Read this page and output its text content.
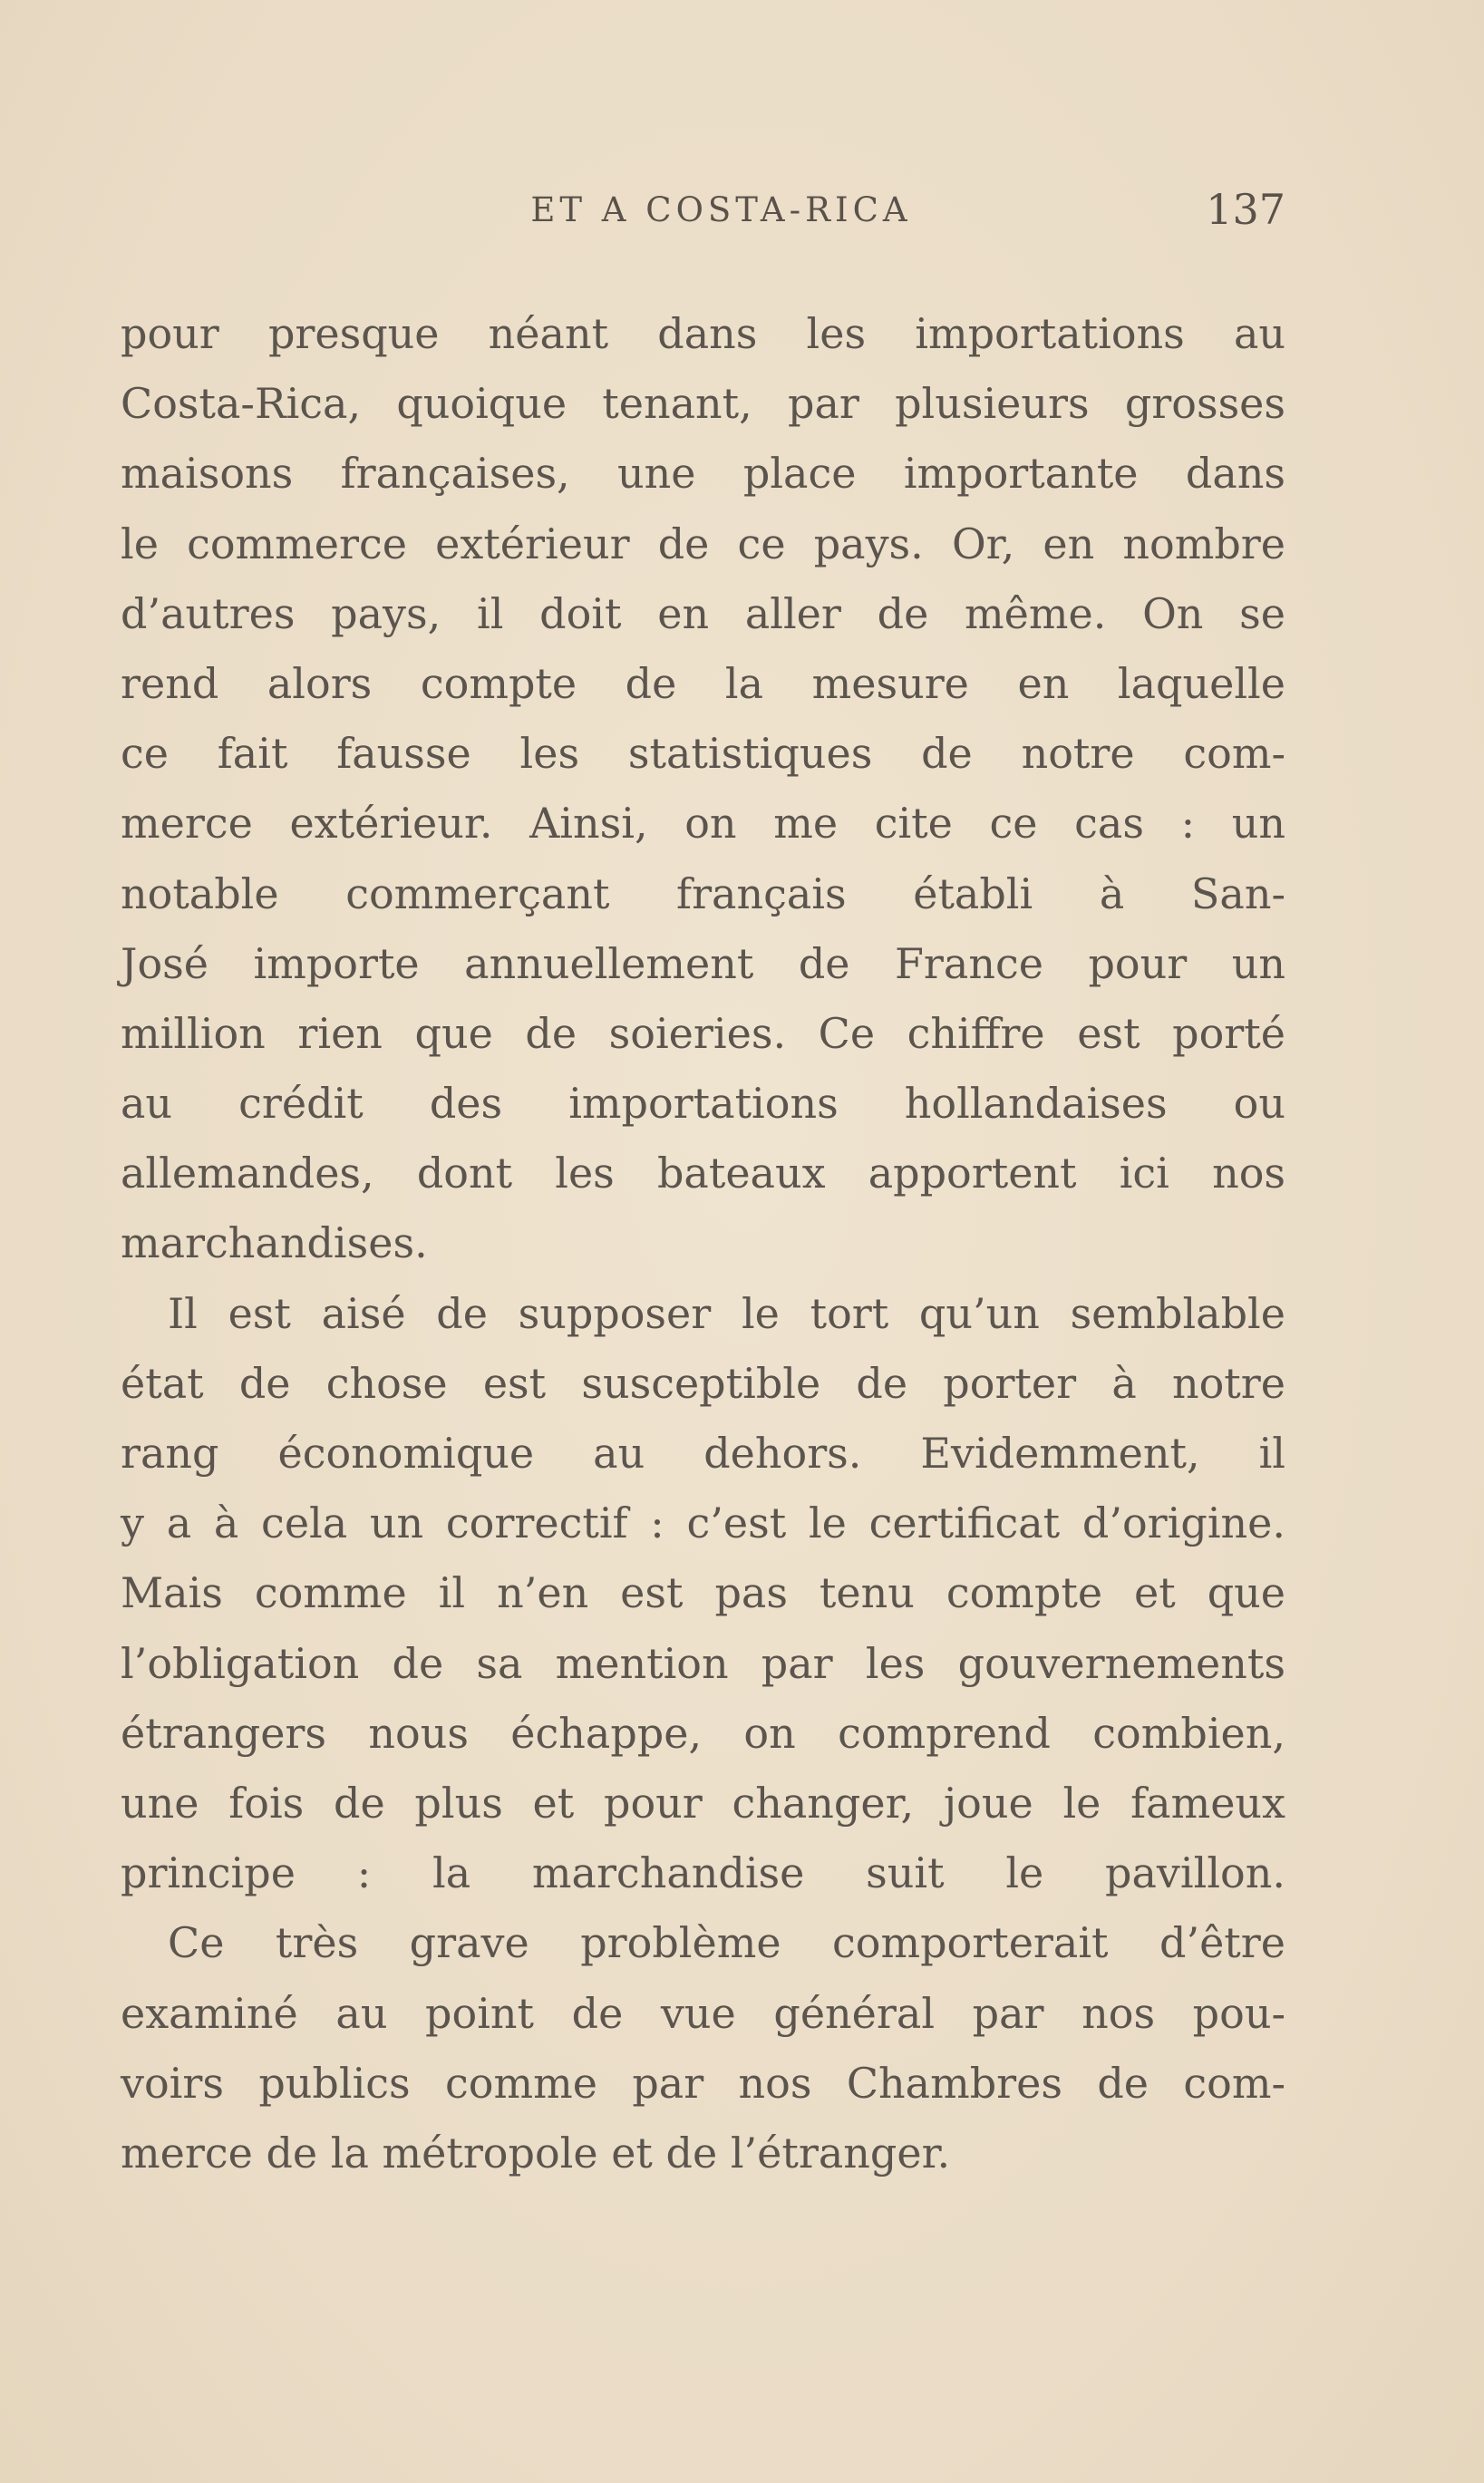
ET A COSTA-RICA	137
pour presque néant dans les importations au
Costa-Rica, quoique tenant, par plusieurs grosses
maisons françaises, une place importante dans
le commerce extérieur de ce pays. Or, en nombre
d’autres pays, il doit en aller de même. On se
rend alors compte de la mesure en laquelle
ce fait fausse les statistiques de notre com-
merce extérieur. Ainsi, on me cite ce cas : un
notable commerçant français établi à San-
José importe annuellement de France pour un
million rien que de soieries. Ce chiffre est porté
au crédit des importations hollandaises ou
allemandes, dont les bateaux apportent ici nos
marchandises.
Il est aisé de supposer le tort qu’un semblable
état de chose est susceptible de porter à notre
rang économique au dehors. Evidemment, il
y a à cela un correctif : c’est le certificat d’origine.
Mais comme il n’en est pas tenu compte et que
l’obligation de sa mention par les gouvernements
étrangers nous échappe, on comprend combien,
une fois de plus et pour changer, joue le fameux
principe : la marchandise suit le pavillon.
Ce très grave problème comporterait d’être
examiné au point de vue général par nos pou-
voirs publics comme par nos Chambres de com-
merce de la métropole et de l’étranger.
